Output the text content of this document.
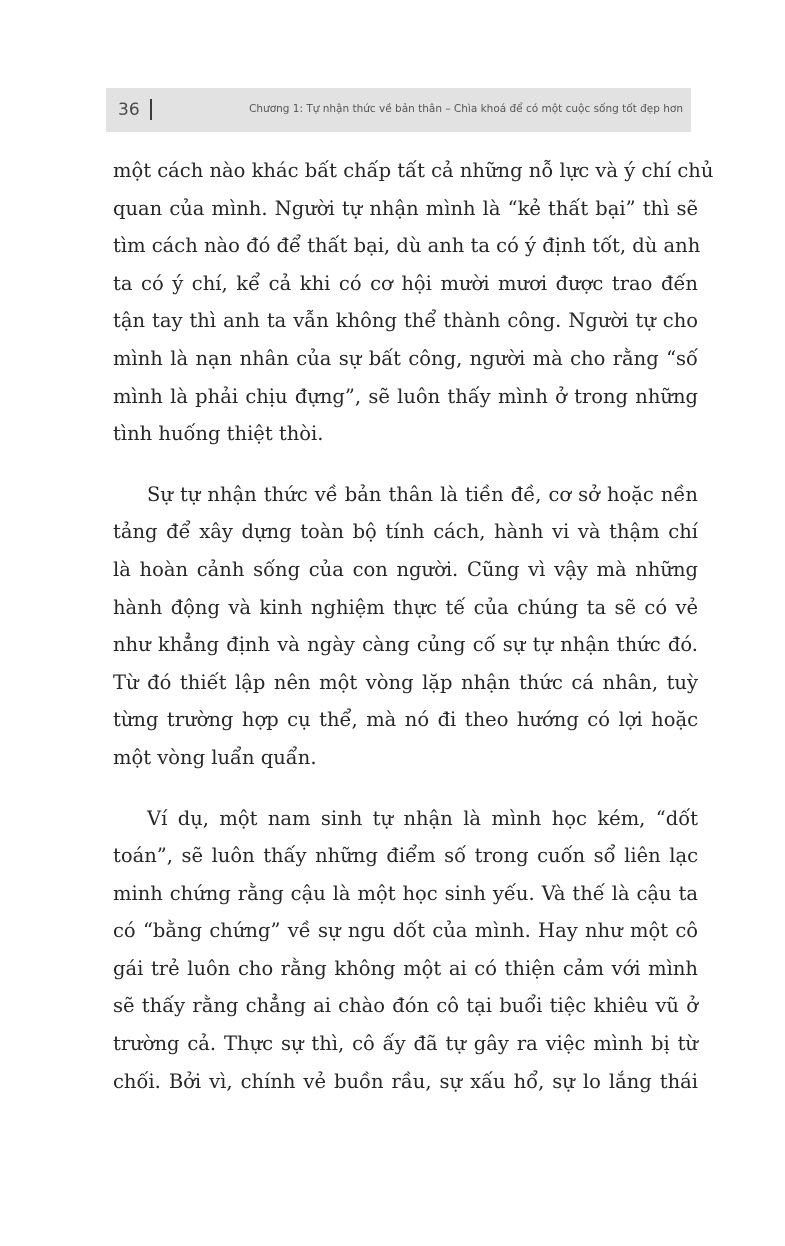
36	Chương 1: Tự nhận thức về bản thân – Chìa khoá để có một cuộc sống tốt đẹp hơn
một cách nào khác bất chấp tất cả những nỗ lực và ý chí chủ
quan của mình. Người tự nhận mình là “kẻ thất bại” thì sẽ
tìm cách nào đó để thất bại, dù anh ta có ý định tốt, dù anh
ta có ý chí, kể cả khi có cơ hội mười mươi được trao đến
tận tay thì anh ta vẫn không thể thành công. Người tự cho
mình là nạn nhân của sự bất công, người mà cho rằng “số
mình là phải chịu đựng”, sẽ luôn thấy mình ở trong những
tình huống thiệt thòi.
Sự tự nhận thức về bản thân là tiền đề, cơ sở hoặc nền
tảng để xây dựng toàn bộ tính cách, hành vi và thậm chí
là hoàn cảnh sống của con người. Cũng vì vậy mà những
hành động và kinh nghiệm thực tế của chúng ta sẽ có vẻ
như khẳng định và ngày càng củng cố sự tự nhận thức đó.
Từ đó thiết lập nên một vòng lặp nhận thức cá nhân, tuỳ
từng trường hợp cụ thể, mà nó đi theo hướng có lợi hoặc
một vòng luẩn quẩn.
Ví dụ, một nam sinh tự nhận là mình học kém, “dốt
toán”, sẽ luôn thấy những điểm số trong cuốn sổ liên lạc
minh chứng rằng cậu là một học sinh yếu. Và thế là cậu ta
có “bằng chứng” về sự ngu dốt của mình. Hay như một cô
gái trẻ luôn cho rằng không một ai có thiện cảm với mình
sẽ thấy rằng chẳng ai chào đón cô tại buổi tiệc khiêu vũ ở
trường cả. Thực sự thì, cô ấy đã tự gây ra việc mình bị từ
chối. Bởi vì, chính vẻ buồn rầu, sự xấu hổ, sự lo lắng thái
